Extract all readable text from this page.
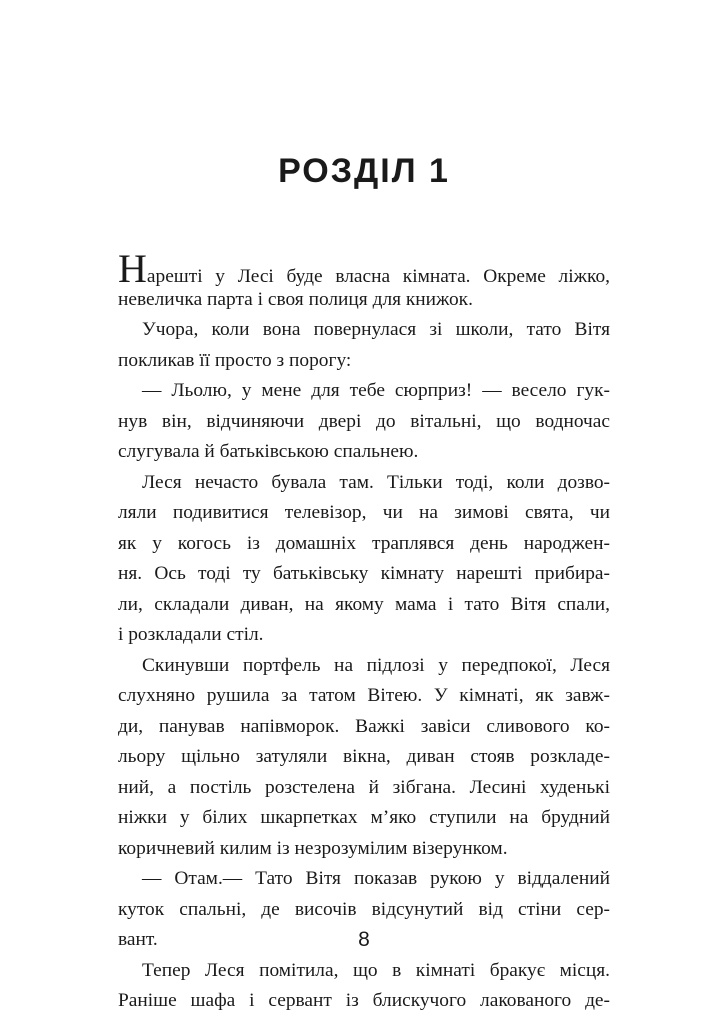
РОЗДІЛ 1
Нарешті у Лесі буде власна кімната. Окреме ліжко,
невеличка парта і своя полиця для книжок.
Учора, коли вона повернулася зі школи, тато Вітя
покликав її просто з порогу:
— Льолю, у мене для тебе сюрприз! — весело гук-
нув він, відчиняючи двері до вітальні, що водночас
слугувала й батьківською спальнею.
Леся нечасто бувала там. Тільки тоді, коли дозво-
ляли подивитися телевізор, чи на зимові свята, чи
як у когось із домашніх траплявся день народжен-
ня. Ось тоді ту батьківську кімнату нарешті прибира-
ли, складали диван, на якому мама і тато Вітя спали,
і розкладали стіл.
Скинувши портфель на підлозі у передпокої, Леся
слухняно рушила за татом Вітею. У кімнаті, як завж-
ди, панував напівморок. Важкі завіси сливового ко-
льору щільно затуляли вікна, диван стояв розкладе-
ний, а постіль розстелена й зібгана. Лесині худенькі
ніжки у білих шкарпетках м’яко ступили на брудний
коричневий килим із незрозумілим візерунком.
— Отам.— Тато Вітя показав рукою у віддалений
куток спальні, де височів відсунутий від стіни сер-
вант.
Тепер Леся помітила, що в кімнаті бракує місця.
Раніше шафа і сервант із блискучого лакованого де-
8
